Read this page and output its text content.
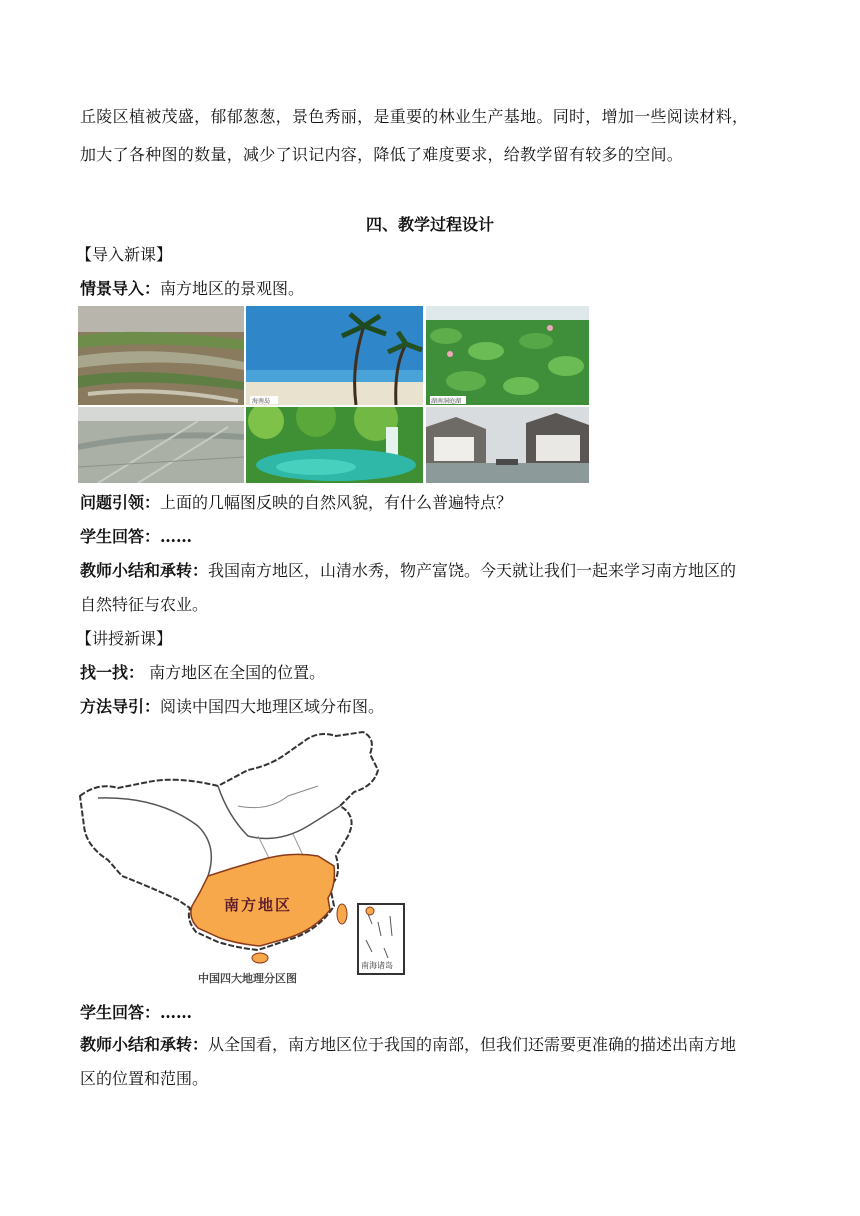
丘陵区植被茂盛，郁郁葱葱，景色秀丽，是重要的林业生产基地。同时，增加一些阅读材料，
加大了各种图的数量，减少了识记内容，降低了难度要求，给教学留有较多的空间。
四、教学过程设计
【导入新课】
情景导入：南方地区的景观图。
海南岛	湖南洞庭湖
问题引领：上面的几幅图反映的自然风貌，有什么普遍特点？
学生回答：……
教师小结和承转：我国南方地区，山清水秀，物产富饶。今天就让我们一起来学习南方地区的
自然特征与农业。
【讲授新课】
找一找： 南方地区在全国的位置。
方法导引：阅读中国四大地理区域分布图。
南方地区
中国四大地理分区图
南海诸岛
学生回答：……
教师小结和承转：从全国看，南方地区位于我国的南部，但我们还需要更准确的描述出南方地
区的位置和范围。
